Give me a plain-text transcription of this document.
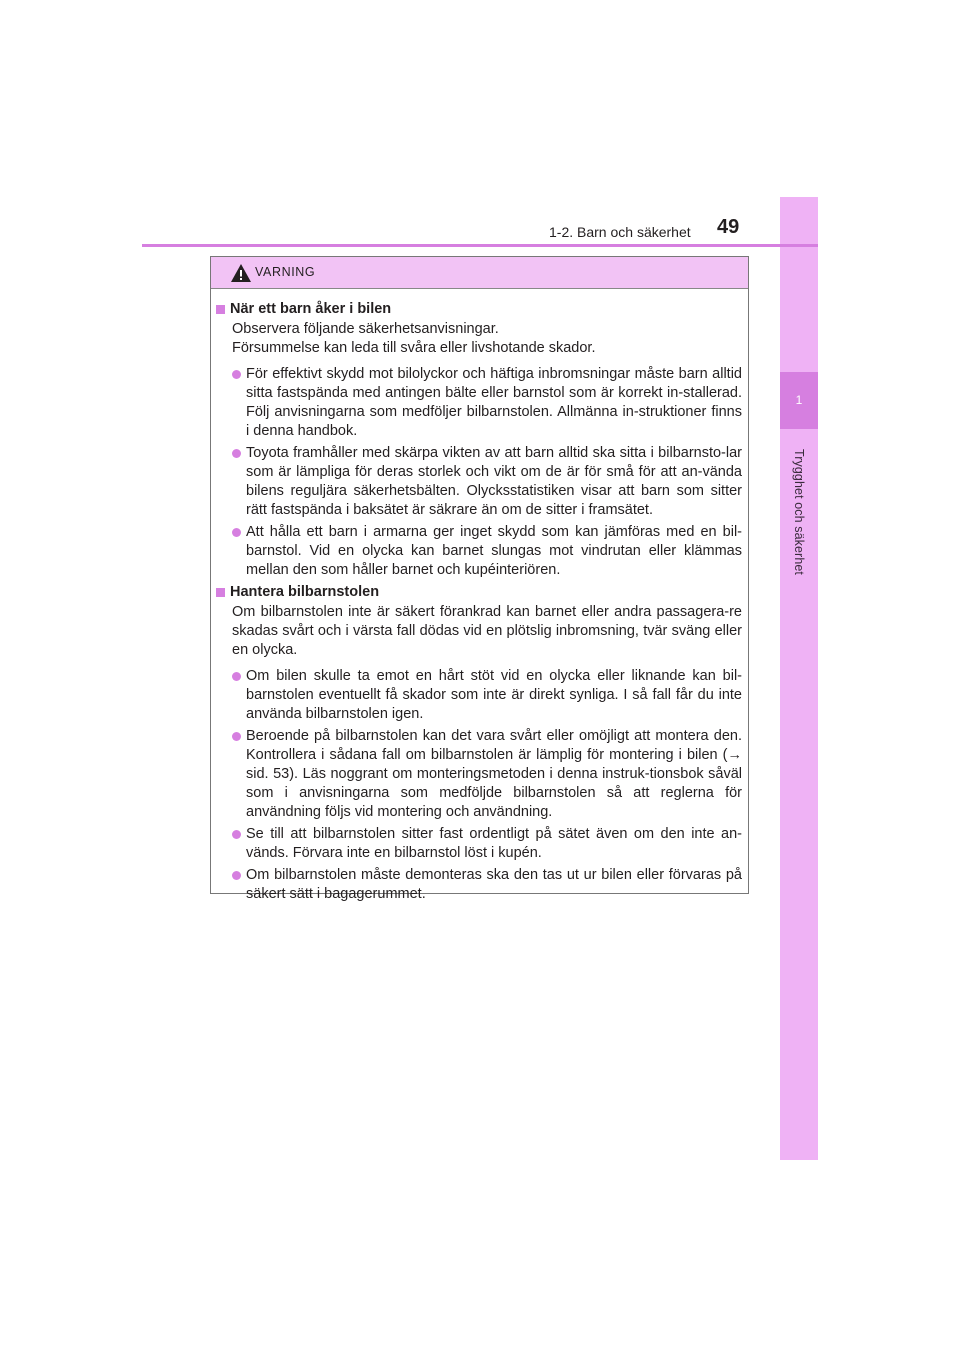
1
Trygghet och säkerhet
1-2. Barn och säkerhet 49
VARNING
När ett barn åker i bilen
Observera följande säkerhetsanvisningar.
Försummelse kan leda till svåra eller livshotande skador.
För effektivt skydd mot bilolyckor och häftiga inbromsningar måste barn alltid sitta fastspända med antingen bälte eller barnstol som är korrekt in-stallerad. Följ anvisningarna som medföljer bilbarnstolen. Allmänna in-struktioner finns i denna handbok.
Toyota framhåller med skärpa vikten av att barn alltid ska sitta i bilbarnsto-lar som är lämpliga för deras storlek och vikt om de är för små för att an-vända bilens reguljära säkerhetsbälten. Olycksstatistiken visar att barn som sitter rätt fastspända i baksätet är säkrare än om de sitter i framsätet.
Att hålla ett barn i armarna ger inget skydd som kan jämföras med en bil-barnstol. Vid en olycka kan barnet slungas mot vindrutan eller klämmas mellan den som håller barnet och kupéinteriören.
Hantera bilbarnstolen
Om bilbarnstolen inte är säkert förankrad kan barnet eller andra passagera-re skadas svårt och i värsta fall dödas vid en plötslig inbromsning, tvär sväng eller en olycka.
Om bilen skulle ta emot en hårt stöt vid en olycka eller liknande kan bil-barnstolen eventuellt få skador som inte är direkt synliga. I så fall får du inte använda bilbarnstolen igen.
Beroende på bilbarnstolen kan det vara svårt eller omöjligt att montera den. Kontrollera i sådana fall om bilbarnstolen är lämplig för montering i bilen (→ sid. 53). Läs noggrant om monteringsmetoden i denna instruk-tionsbok såväl som i anvisningarna som medföljde bilbarnstolen så att reglerna för användning följs vid montering och användning.
Se till att bilbarnstolen sitter fast ordentligt på sätet även om den inte an-vänds. Förvara inte en bilbarnstol löst i kupén.
Om bilbarnstolen måste demonteras ska den tas ut ur bilen eller förvaras på säkert sätt i bagagerummet.
